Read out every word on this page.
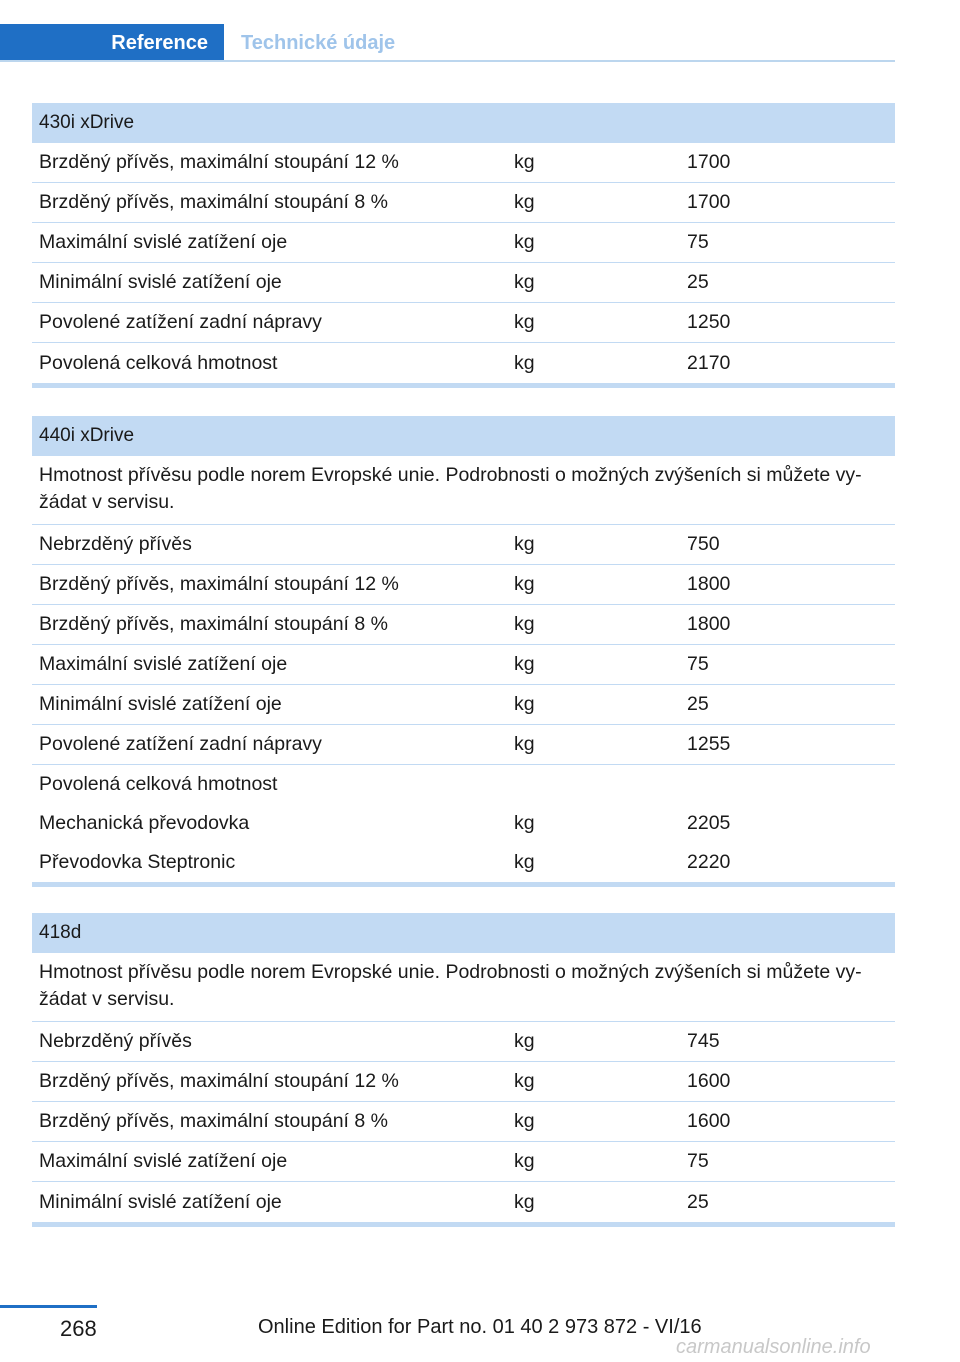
Reference Technické údaje
430i xDrive
Brzděný přívěs, maximální stoupání 12 %	kg	1700
Brzděný přívěs, maximální stoupání 8 %	kg	1700
Maximální svislé zatížení oje	kg	75
Minimální svislé zatížení oje	kg	25
Povolené zatížení zadní nápravy	kg	1250
Povolená celková hmotnost	kg	2170
440i xDrive
Hmotnost přívěsu podle norem Evropské unie. Podrobnosti o možných zvýšeních si můžete vyžádat v servisu.
Nebrzděný přívěs	kg	750
Brzděný přívěs, maximální stoupání 12 %	kg	1800
Brzděný přívěs, maximální stoupání 8 %	kg	1800
Maximální svislé zatížení oje	kg	75
Minimální svislé zatížení oje	kg	25
Povolené zatížení zadní nápravy	kg	1255
Povolená celková hmotnost
Mechanická převodovka	kg	2205
Převodovka Steptronic	kg	2220
418d
Hmotnost přívěsu podle norem Evropské unie. Podrobnosti o možných zvýšeních si můžete vyžádat v servisu.
Nebrzděný přívěs	kg	745
Brzděný přívěs, maximální stoupání 12 %	kg	1600
Brzděný přívěs, maximální stoupání 8 %	kg	1600
Maximální svislé zatížení oje	kg	75
Minimální svislé zatížení oje	kg	25
268	Online Edition for Part no. 01 40 2 973 872 - VI/16
carmanualsonline.info
